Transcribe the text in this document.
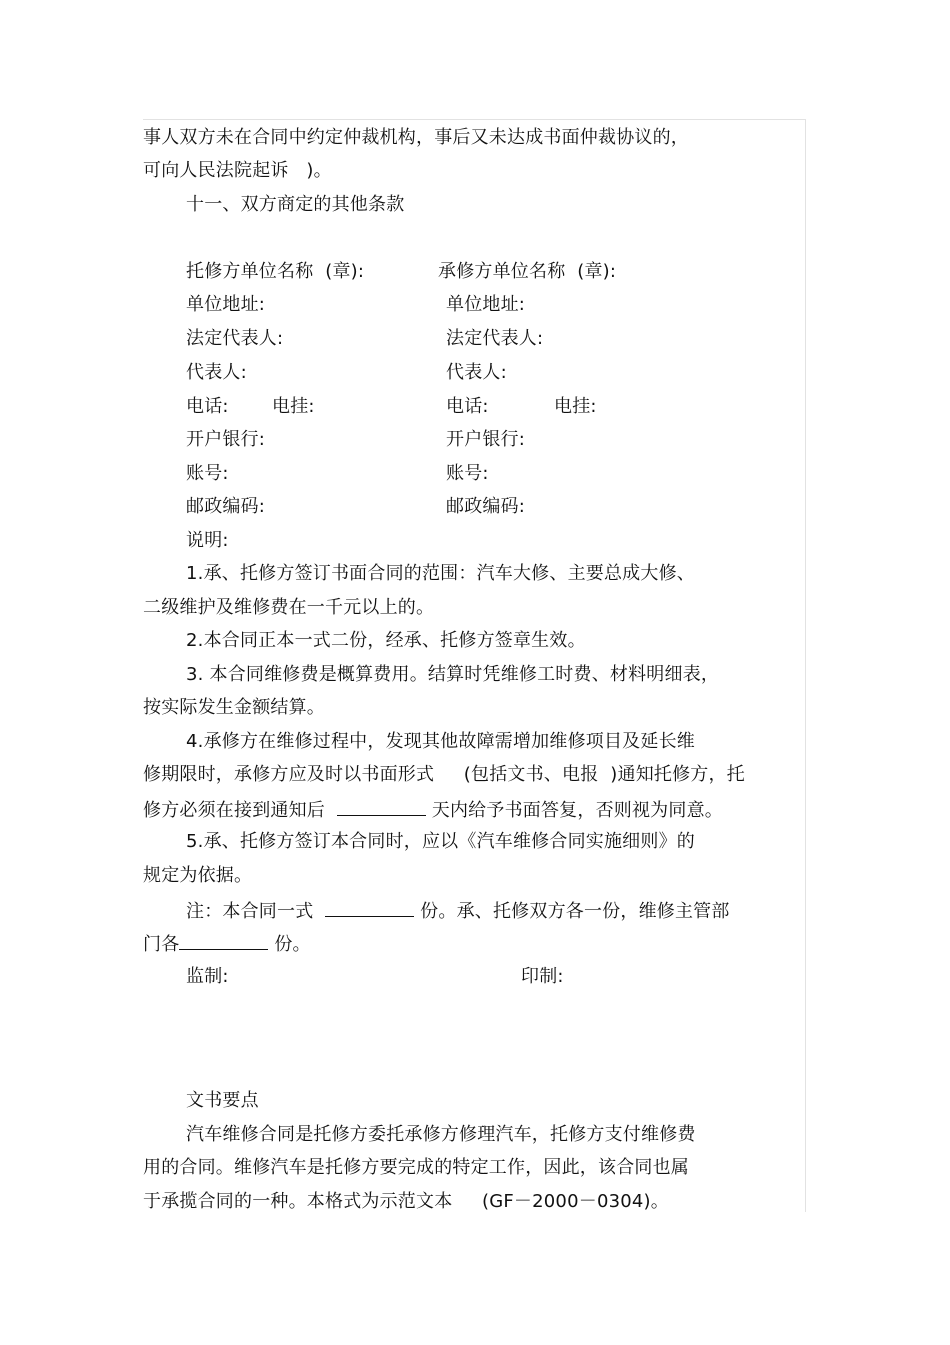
事人双方未在合同中约定仲裁机构，事后又未达成书面仲裁协议的，
可向人民法院起诉   )。
十一、双方商定的其他条款
托修方单位名称  (章):	承修方单位名称  (章):
单位地址:	单位地址:
法定代表人:	法定代表人:
代表人:	代表人:
电话: 电挂:	电话:	电挂:
开户银行:	开户银行:
账号:	账号:
邮政编码:	邮政编码:
说明:
1.承、托修方签订书面合同的范围：汽车大修、主要总成大修、
二级维护及维修费在一千元以上的。
2.本合同正本一式二份，经承、托修方签章生效。
3. 本合同维修费是概算费用。结算时凭维修工时费、材料明细表，
按实际发生金额结算。
4.承修方在维修过程中，发现其他故障需增加维修项目及延长维
修期限时，承修方应及时以书面形式     (包括文书、电报  )通知托修方，托
修方必须在接到通知后	天内给予书面答复，否则视为同意。
5.承、托修方签订本合同时，应以《汽车维修合同实施细则》的
规定为依据。
注：本合同一式	份。承、托修双方各一份，维修主管部
门各	份。
监制:	印制:
文书要点
汽车维修合同是托修方委托承修方修理汽车，托修方支付维修费
用的合同。维修汽车是托修方要完成的特定工作，因此，该合同也属
于承揽合同的一种。本格式为示范文本     (GF－2000－0304)。
